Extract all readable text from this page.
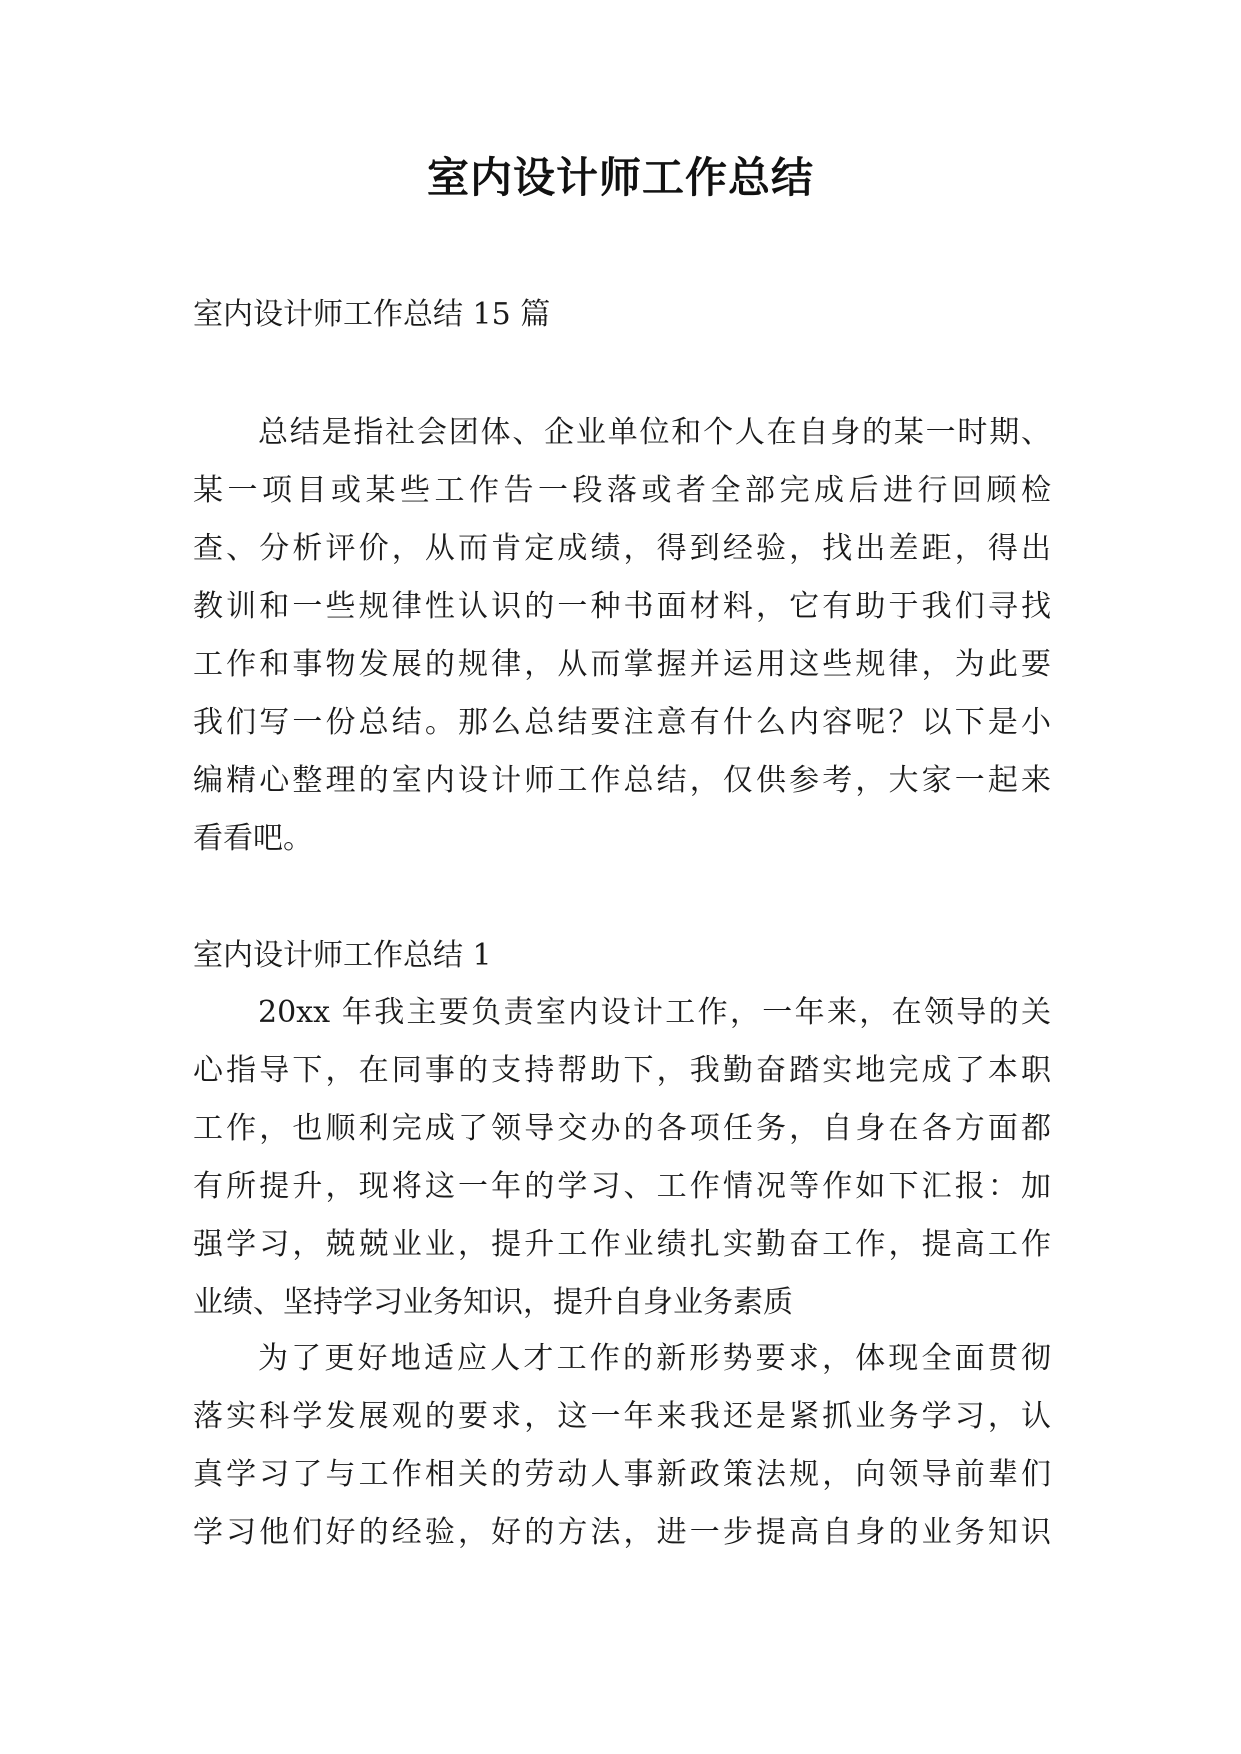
室内设计师工作总结

室内设计师工作总结 15 篇

总结是指社会团体、企业单位和个人在自身的某一时期、
某一项目或某些工作告一段落或者全部完成后进行回顾检
查、分析评价，从而肯定成绩，得到经验，找出差距，得出
教训和一些规律性认识的一种书面材料，它有助于我们寻找
工作和事物发展的规律，从而掌握并运用这些规律，为此要
我们写一份总结。那么总结要注意有什么内容呢？以下是小
编精心整理的室内设计师工作总结，仅供参考，大家一起来
看看吧。

室内设计师工作总结 1

20xx 年我主要负责室内设计工作，一年来，在领导的关
心指导下，在同事的支持帮助下，我勤奋踏实地完成了本职
工作，也顺利完成了领导交办的各项任务，自身在各方面都
有所提升，现将这一年的学习、工作情况等作如下汇报：加
强学习，兢兢业业，提升工作业绩扎实勤奋工作，提高工作
业绩、坚持学习业务知识，提升自身业务素质

为了更好地适应人才工作的新形势要求，体现全面贯彻
落实科学发展观的要求，这一年来我还是紧抓业务学习，认
真学习了与工作相关的劳动人事新政策法规，向领导前辈们
学习他们好的经验，好的方法，进一步提高自身的业务知识
